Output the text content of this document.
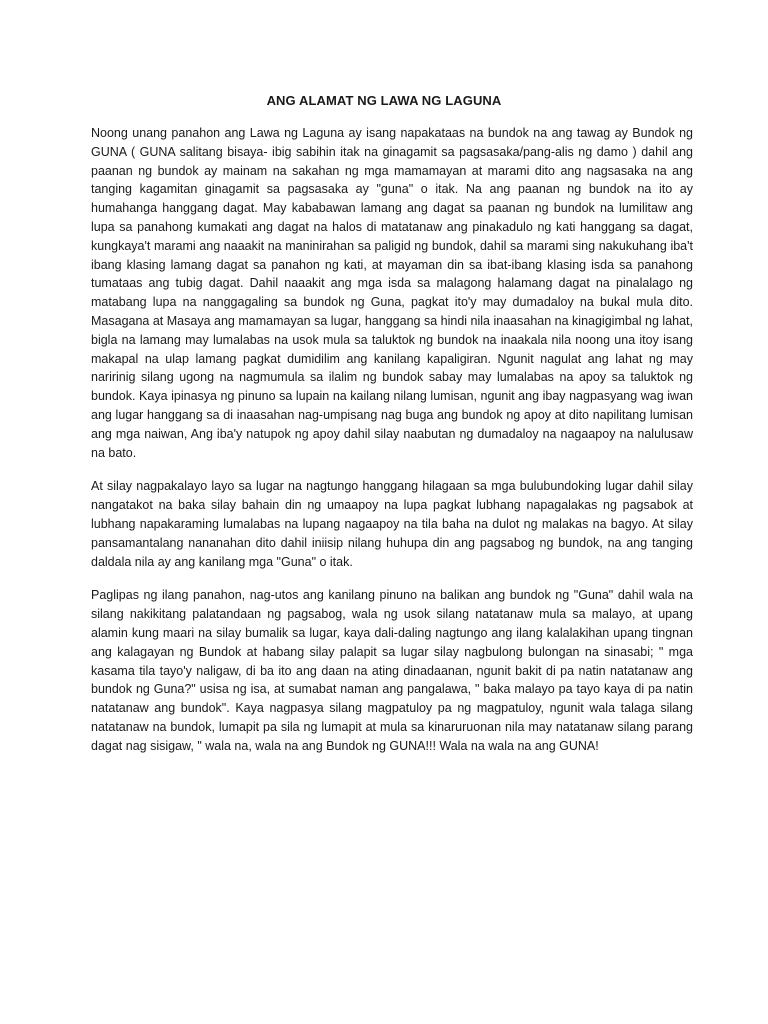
ANG ALAMAT NG LAWA NG LAGUNA

Noong unang panahon ang Lawa ng Laguna ay isang napakataas na bundok na ang tawag ay Bundok ng GUNA ( GUNA salitang bisaya- ibig sabihin itak na ginagamit sa pagsasaka/pang-alis ng damo ) dahil ang paanan ng bundok ay mainam na sakahan ng mga mamamayan at marami dito ang nagsasaka na ang tanging kagamitan ginagamit sa pagsasaka ay "guna" o itak. Na ang paanan ng bundok na ito ay humahanga hanggang dagat. May kababawan lamang ang dagat sa paanan ng bundok na lumilitaw ang lupa sa panahong kumakati ang dagat na halos di matatanaw ang pinakadulo ng kati hanggang sa dagat, kungkaya't marami ang naaakit na maninirahan sa paligid ng bundok, dahil sa marami sing nakukuhang iba't ibang klasing lamang dagat sa panahon ng kati, at mayaman din sa ibat-ibang klasing isda sa panahong tumataas ang tubig dagat. Dahil naaakit ang mga isda sa malagong halamang dagat na pinalalago ng matabang lupa na nanggagaling sa bundok ng Guna, pagkat ito'y may dumadaloy na bukal mula dito. Masagana at Masaya ang mamamayan sa lugar, hanggang sa hindi nila inaasahan na kinagigimbal ng lahat, bigla na lamang may lumalabas na usok mula sa taluktok ng bundok na inaakala nila noong una itoy isang makapal na ulap lamang pagkat dumidilim ang kanilang kapaligiran. Ngunit nagulat ang lahat ng may naririnig silang ugong na nagmumula sa ilalim ng bundok sabay may lumalabas na apoy sa taluktok ng bundok. Kaya ipinasya ng pinuno sa lupain na kailang nilang lumisan, ngunit ang ibay nagpasyang wag iwan ang lugar hanggang sa di inaasahan nag-umpisang nag buga ang bundok ng apoy at dito napilitang lumisan ang mga naiwan, Ang iba'y natupok ng apoy dahil silay naabutan ng dumadaloy na nagaapoy na nalulusaw na bato.

At silay nagpakalayo layo sa lugar na nagtungo hanggang hilagaan sa mga bulubundoking lugar dahil silay nangatakot na baka silay bahain din ng umaapoy na lupa pagkat lubhang napagalakas ng pagsabok at lubhang napakaraming lumalabas na lupang nagaapoy na tila baha na dulot ng malakas na bagyo. At silay pansamantalang nananahan dito dahil iniisip nilang huhupa din ang pagsabog ng bundok, na ang tanging daldala nila ay ang kanilang mga "Guna" o itak.

Paglipas ng ilang panahon, nag-utos ang kanilang pinuno na balikan ang bundok ng "Guna" dahil wala na silang nakikitang palatandaan ng pagsabog, wala ng usok silang natatanaw mula sa malayo, at upang alamin kung maari na silay bumalik sa lugar, kaya dali-daling nagtungo ang ilang kalalakihan upang tingnan ang kalagayan ng Bundok at habang silay palapit sa lugar silay nagbulong bulongan na sinasabi; " mga kasama tila tayo'y naligaw, di ba ito ang daan na ating dinadaanan, ngunit bakit di pa natin natatanaw ang bundok ng Guna?" usisa ng isa, at sumabat naman ang pangalawa, " baka malayo pa tayo kaya di pa natin natatanaw ang bundok". Kaya nagpasya silang magpatuloy pa ng magpatuloy, ngunit wala talaga silang natatanaw na bundok, lumapit pa sila ng lumapit at mula sa kinaruruonan nila may natatanaw silang parang dagat nag sisigaw, " wala na, wala na ang Bundok ng GUNA!!! Wala na wala na ang GUNA!
